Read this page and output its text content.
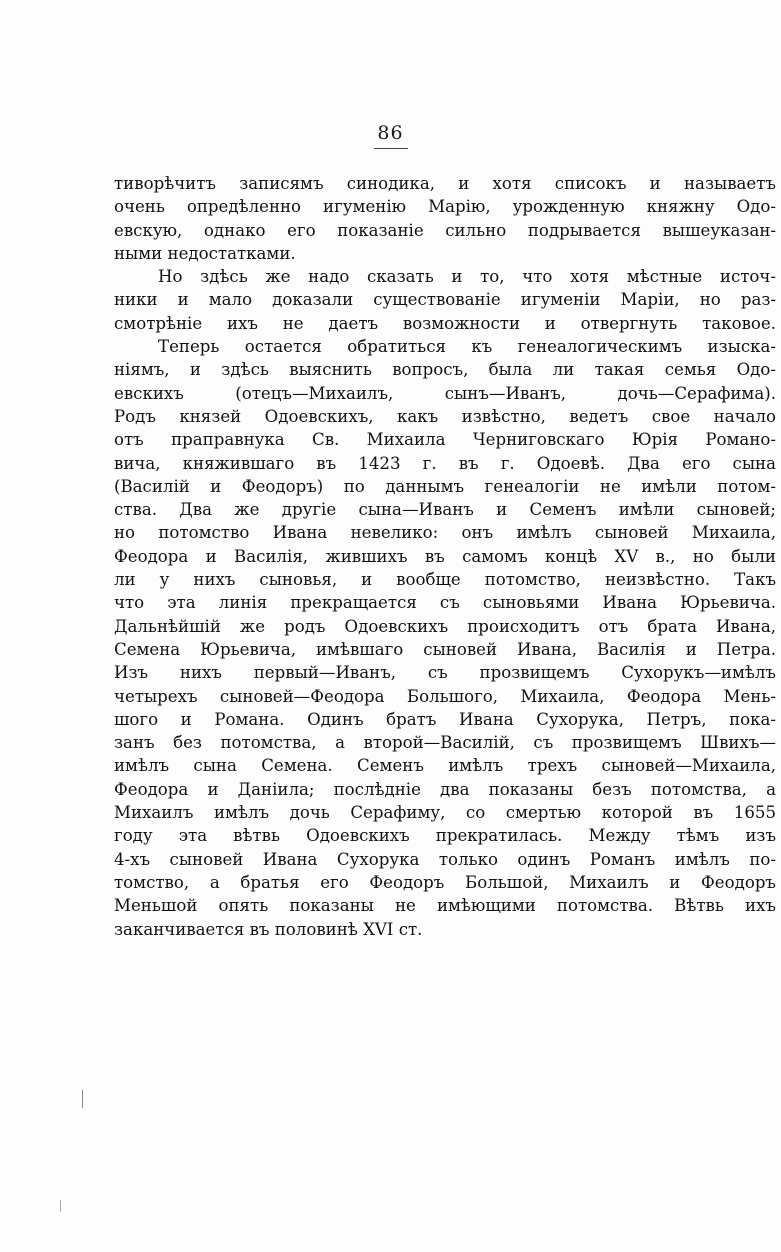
86

тиворѣчитъ записямъ синодика, и хотя списокъ и называетъ
очень опредѣленно игуменію Марію, урожденную княжну Одо-
евскую, однако его показаніе сильно подрывается вышеуказан-
ными недостатками.

Но здѣсь же надо сказать и то, что хотя мѣстные источ-
ники и мало доказали существованіе игуменіи Маріи, но раз-
смотрѣніе ихъ не даетъ возможности и отвергнуть таковое.

Теперь остается обратиться къ генеалогическимъ изыска-
ніямъ, и здѣсь выяснить вопросъ, была ли такая семья Одо-
евскихъ (отецъ—Михаилъ, сынъ—Иванъ, дочь—Серафима).
Родъ князей Одоевскихъ, какъ извѣстно, ведетъ свое начало
отъ праправнука Св. Михаила Черниговскаго Юрія Романо-
вича, княжившаго въ 1423 г. въ г. Одоевѣ. Два его сына
(Василій и Феодоръ) по даннымъ генеалогіи не имѣли потом-
ства. Два же другіе сына—Иванъ и Семенъ имѣли сыновей;
но потомство Ивана невелико: онъ имѣлъ сыновей Михаила,
Феодора и Василія, жившихъ въ самомъ концѣ XV в., но были
ли у нихъ сыновья, и вообще потомство, неизвѣстно. Такъ
что эта линія прекращается съ сыновьями Ивана Юрьевича.
Дальнѣйшій же родъ Одоевскихъ происходитъ отъ брата Ивана,
Семена Юрьевича, имѣвшаго сыновей Ивана, Василія и Петра.
Изъ нихъ первый—Иванъ, съ прозвищемъ Сухорукъ—имѣлъ
четырехъ сыновей—Феодора Большого, Михаила, Феодора Мень-
шого и Романа. Одинъ братъ Ивана Сухорука, Петръ, пока-
занъ без потомства, а второй—Василій, съ прозвищемъ Швихъ—
имѣлъ сына Семена. Семенъ имѣлъ трехъ сыновей—Михаила,
Феодора и Даніила; послѣдніе два показаны безъ потомства, а
Михаилъ имѣлъ дочь Серафиму, со смертью которой въ 1655
году эта вѣтвь Одоевскихъ прекратилась. Между тѣмъ изъ
4-хъ сыновей Ивана Сухорука только одинъ Романъ имѣлъ по-
томство, а братья его Феодоръ Большой, Михаилъ и Феодоръ
Меньшой опять показаны не имѣющими потомства. Вѣтвь ихъ
заканчивается въ половинѣ XVI ст.
